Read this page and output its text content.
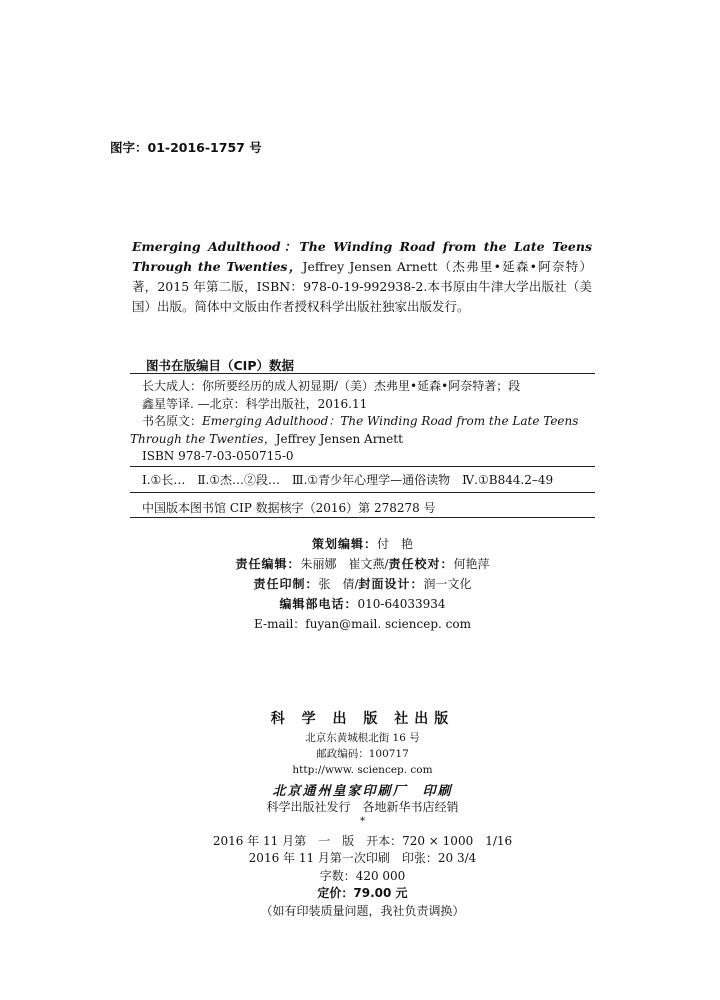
图字：01-2016-1757 号
Emerging Adulthood：The Winding Road from the Late Teens Through the Twenties，Jeffrey Jensen Arnett（杰弗里•延森•阿奈特）著，2015 年第二版，ISBN：978-0-19-992938-2.本书原由牛津大学出版社（美国）出版。简体中文版由作者授权科学出版社独家出版发行。
图书在版编目（CIP）数据
长大成人：你所要经历的成人初显期/（美）杰弗里•延森•阿奈特著；段
鑫星等译. —北京：科学出版社，2016.11
书名原文：Emerging Adulthood：The Winding Road from the Late Teens
Through the Twenties，Jeffrey Jensen Arnett
ISBN 978-7-03-050715-0
Ⅰ.①长…　Ⅱ.①杰…②段…　Ⅲ.①青少年心理学—通俗读物　Ⅳ.①B844.2–49
中国版本图书馆 CIP 数据核字（2016）第 278278 号
策划编辑：付　艳
责任编辑：朱丽娜　崔文燕/责任校对：何艳萍
责任印制：张　倩/封面设计：润一文化
编辑部电话：010-64033934
E-mail：fuyan@mail. sciencep. com
科 学 出 版 社出版
北京东黄城根北街 16 号
邮政编码：100717
http://www. sciencep. com
北京通州皇家印刷厂　印刷
科学出版社发行　各地新华书店经销
*
2016 年 11 月第　一　版　开本：720 × 1000　1/16
2016 年 11 月第一次印刷　印张：20 3/4
字数：420 000
定价：79.00 元
（如有印装质量问题，我社负责调换）
